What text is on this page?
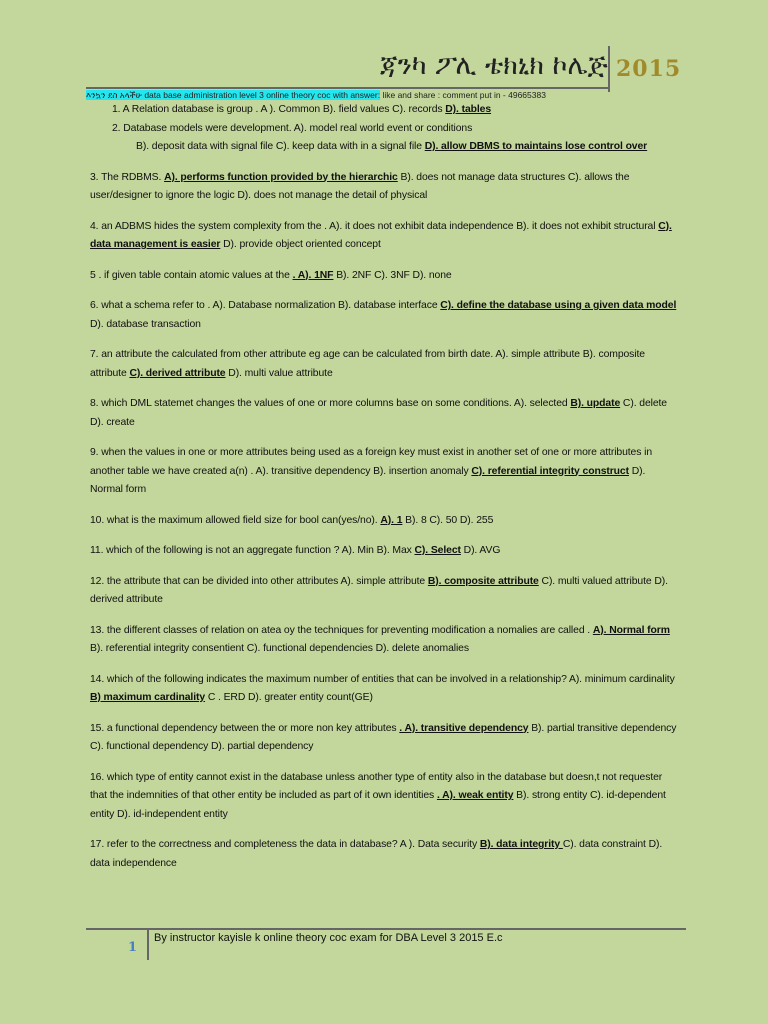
ጃንካ ፖሊ ቴክኒክ ኮሌጅ 2015
እንኳን ደስ አላችሁ data base administration level 3 online theory coc with answer: like and share : comment put in - 49665383

1. A Relation database is group . A ). Common B). field values C). records D). tables

2. Database models were development. A). model real world event or conditions

B). deposit data with signal file C). keep data with in a signal file D). allow DBMS to maintains lose control over

3. The RDBMS. A). performs function provided by the hierarchic B). does not manage data structures C). allows the user/designer to ignore the logic D). does not manage the detail of physical

4. an ADBMS hides the system complexity from the . A). it does not exhibit data independence B). it does not exhibit structural C). data management is easier D). provide object oriented concept

5 . if given table contain atomic values at the . A). 1NF B). 2NF C). 3NF D). none

6. what a schema refer to . A). Database normalization B). database interface C). define the database using a given data model D). database transaction

7. an attribute the calculated from other attribute eg age can be calculated from birth date. A). simple attribute B). composite attribute C). derived attribute D). multi value attribute

8. which DML statemet changes the values of one or more columns base on some conditions. A). selected B). update C). delete D). create

9. when the values in one or more attributes being used as a foreign key must exist in another set of one or more attributes in another table we have created a(n) . A). transitive dependency B). insertion anomaly C). referential integrity construct D). Normal form

10. what is the maximum allowed field size for bool can(yes/no). A). 1 B). 8 C). 50 D). 255

11. which of the following is not an aggregate function ? A). Min B). Max C). Select D). AVG

12. the attribute that can be divided into other attributes A). simple attribute B). composite attribute C). multi valued attribute D). derived attribute

13. the different classes of relation on atea oy the techniques for preventing modification a nomalies are called . A). Normal form B). referential integrity consentient C). functional dependencies D). delete anomalies

14. which of the following indicates the maximum number of entities that can be involved in a relationship? A). minimum cardinality B) maximum cardinality C . ERD D). greater entity count(GE)

15. a functional dependency between the or more non key attributes . A). transitive dependency B). partial transitive dependency C). functional dependency D). partial dependency

16. which type of entity cannot exist in the database unless another type of entity also in the database but doesn,t not requester that the indemnities of that other entity be included as part of it own identities . A). weak entity B). strong entity C). id-dependent entity D). id-independent entity

17. refer to the correctness and completeness the data in database? A ). Data security B). data integrity C). data constraint D). data independence

1
By instructor kayisle k online theory coc exam for DBA Level 3 2015 E.c
